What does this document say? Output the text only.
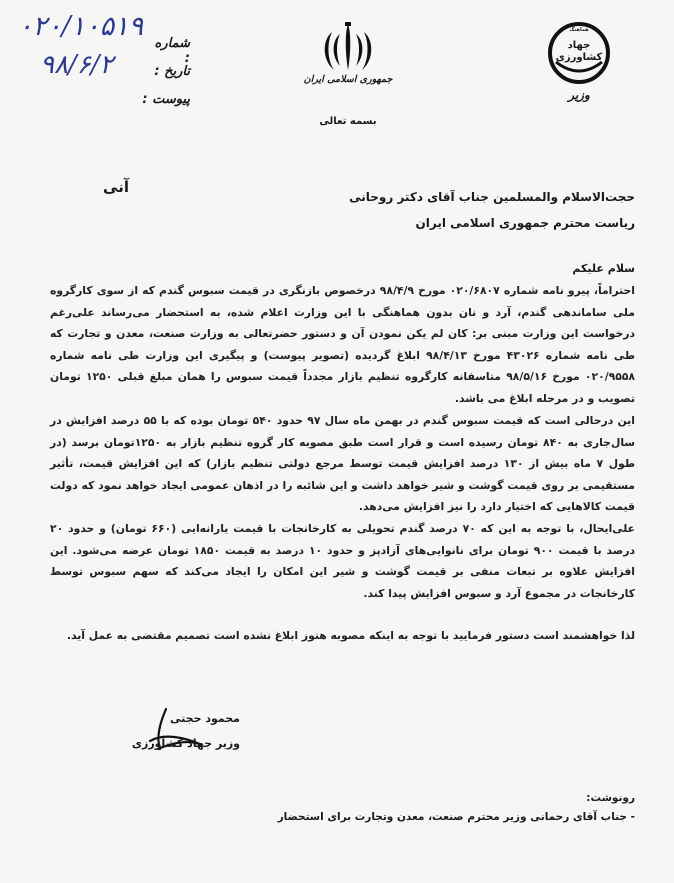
۰۲۰/۱۰۵۱۹
۹۸/۶/۲
شماره :
تاریخ :
پیوست :
جمهوری اسلامی ایران
هماهنگ
جهاد کشاورزی
وزیر
بسمه تعالی
آنی
حجت‌الاسلام والمسلمین جناب آقای دکتر روحانی
ریاست محترم جمهوری اسلامی ایران
سلام علیکم
احتراماً، پیرو نامه شماره ۰۲۰/۶۸۰۷ مورخ ۹۸/۴/۹ درخصوص بازنگری در قیمت سبوس گندم که از سوی کارگروه ملی ساماندهی گندم، آرد و نان بدون هماهنگی با این وزارت اعلام شده، به استحضار می‌رساند علی‌رغم درخواست این وزارت مبنی بر: کان لم یکن نمودن آن و دستور حضرتعالی به وزارت صنعت، معدن و تجارت که طی نامه شماره ۴۳۰۲۶ مورخ ۹۸/۴/۱۳ ابلاغ گردیده (تصویر پیوست) و پیگیری این وزارت طی نامه شماره ۰۲۰/۹۵۵۸ مورخ ۹۸/۵/۱۶ متاسفانه کارگروه تنظیم بازار مجدداً قیمت سبوس را همان مبلغ قبلی ۱۲۵۰ تومان تصویب و در مرحله ابلاغ می باشد.
این درحالی است که قیمت سبوس گندم در بهمن ماه سال ۹۷ حدود ۵۴۰ تومان بوده که با ۵۵ درصد افزایش در سال‌جاری به ۸۴۰ تومان رسیده است و قرار است طبق مصوبه کار گروه تنظیم بازار به ۱۲۵۰تومان برسد (در طول ۷ ماه بیش از ۱۳۰ درصد افزایش قیمت توسط مرجع دولتی تنظیم بازار) که این افزایش قیمت، تأثیر مستقیمی بر روی قیمت گوشت و شیر خواهد داشت و این شائبه را در اذهان عمومی ایجاد خواهد نمود که دولت قیمت کالاهایی که اختیار دارد را نیز افزایش می‌دهد.
علی‌ایحال، با توجه به این که ۷۰ درصد گندم تحویلی به کارخانجات با قیمت یارانه‌ایی (۶۶۰ تومان) و حدود ۲۰ درصد با قیمت ۹۰۰ تومان برای نانوایی‌های آزادپز و حدود ۱۰ درصد به قیمت ۱۸۵۰ تومان عرضه می‌شود. این افزایش علاوه بر تبعات منفی بر قیمت گوشت و شیر این امکان را ایجاد می‌کند که سهم سبوس توسط کارخانجات در مجموع آرد و سبوس افزایش پیدا کند.
لذا خواهشمند است دستور فرمایید با توجه به اینکه مصوبه هنوز ابلاغ نشده است تصمیم مقتضی به عمل آید.
محمود حجتی
وزیر جهاد کشاورزی
رونوشت:
- جناب آقای رحمانی وزیر محترم صنعت، معدن وتجارت برای استحضار
